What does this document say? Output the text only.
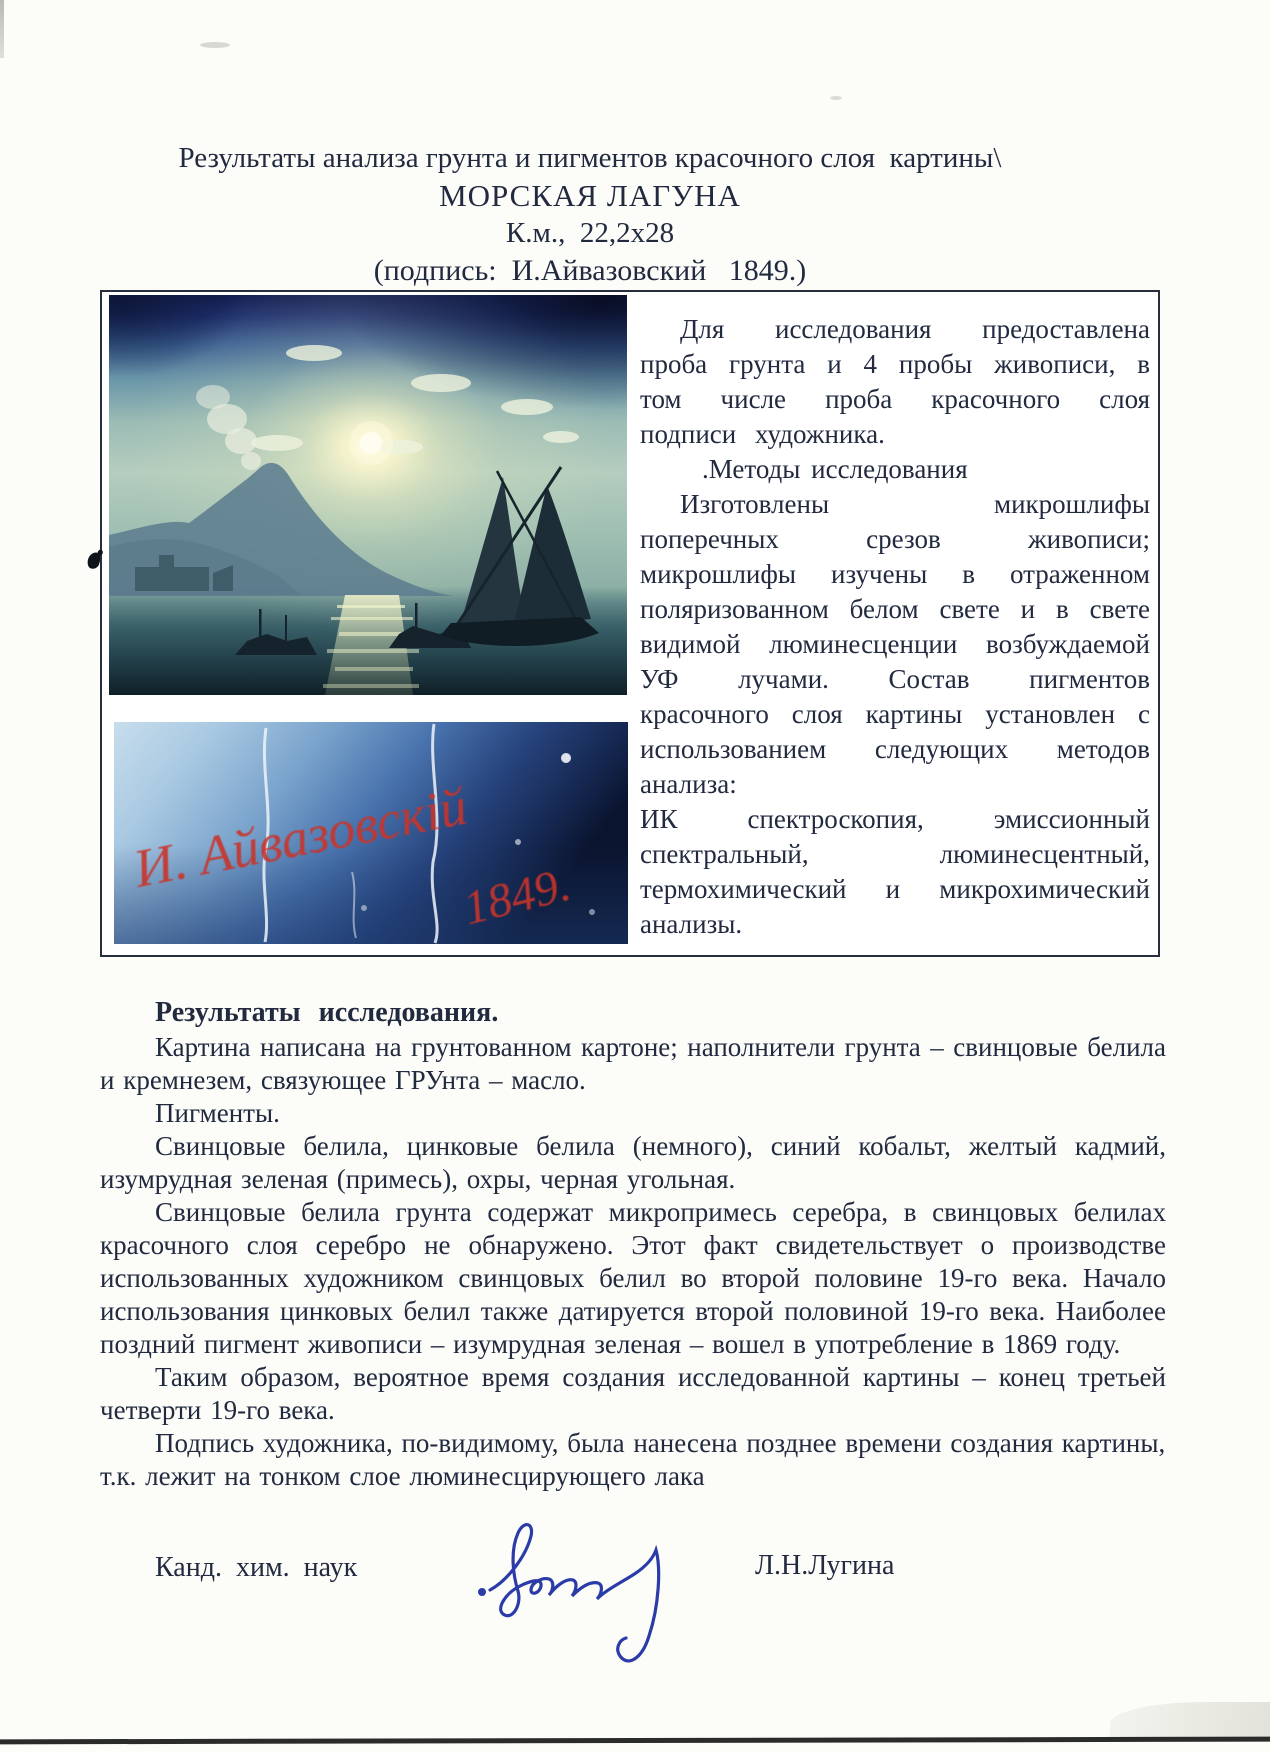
Результаты анализа грунта и пигментов красочного слоя  картины\
МОРСКАЯ ЛАГУНА
К.м.,  22,2х28
(подпись:  И.Айвазовский   1849.)
И. Айвазовскій
1849.

Для исследования предоставлена проба грунта и 4 пробы живописи, в том числе проба красочного слоя подписи художника.

.Методы исследования

Изготовлены микрошлифы поперечных срезов живописи; микрошлифы изучены в отраженном поляризованном белом свете и в свете видимой люминесценции возбуждаемой УФ лучами. Состав пигментов красочного слоя картины установлен с использованием следующих методов анализа:

ИК спектроскопия, эмиссионный спектральный, люминесцентный, термохимический и микрохимический анализы.

Результаты  исследования.

Картина написана на грунтованном картоне; наполнители грунта – свинцовые белила и кремнезем, связующее ГРУнта – масло.

Пигменты.

Свинцовые белила, цинковые белила (немного), синий кобальт, желтый кадмий, изумрудная зеленая (примесь), охры, черная угольная.

Свинцовые белила грунта содержат микропримесь серебра, в свинцовых белилах красочного слоя серебро не обнаружено. Этот факт свидетельствует о производстве использованных художником свинцовых белил во второй половине 19-го века. Начало использования цинковых белил также датируется второй половиной 19-го века. Наиболее поздний пигмент живописи – изумрудная зеленая – вошел в употребление в 1869 году.

Таким образом, вероятное время создания исследованной картины – конец третьей четверти 19-го века.

Подпись художника, по-видимому, была нанесена позднее времени создания картины, т.к. лежит на тонком слое люминесцирующего лака

Канд.  хим.  наук	Л.Н.Лугина
